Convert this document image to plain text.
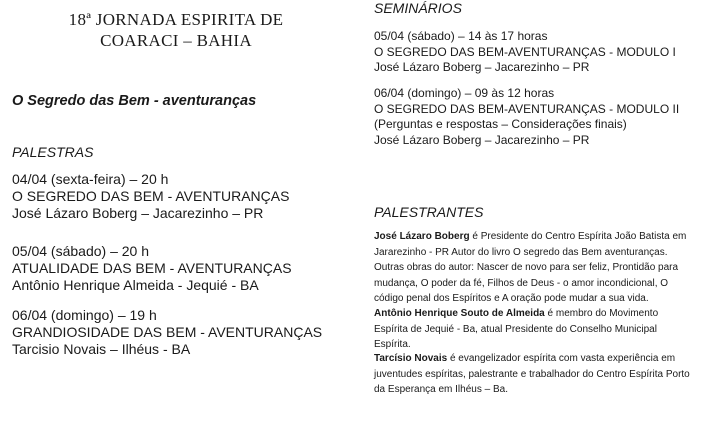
18ª JORNADA ESPIRITA DE
COARACI – BAHIA
O Segredo das Bem - aventuranças
PALESTRAS
04/04 (sexta-feira) – 20 h
O SEGREDO DAS BEM - AVENTURANÇAS
José Lázaro Boberg – Jacarezinho – PR
05/04 (sábado) – 20 h
ATUALIDADE DAS BEM - AVENTURANÇAS
Antônio Henrique Almeida - Jequié - BA
06/04 (domingo) – 19 h
GRANDIOSIDADE DAS BEM - AVENTURANÇAS
Tarcisio Novais – Ilhéus - BA
SEMINÁRIOS
05/04 (sábado) – 14 às 17 horas
O SEGREDO DAS BEM-AVENTURANÇAS - MODULO I
José Lázaro Boberg – Jacarezinho – PR
06/04 (domingo) – 09 às 12 horas
O SEGREDO DAS BEM-AVENTURANÇAS - MODULO II
(Perguntas e respostas – Considerações finais)
José Lázaro Boberg – Jacarezinho – PR
PALESTRANTES
José Lázaro Boberg é Presidente do Centro Espírita João Batista em Jararezinho - PR Autor do livro O segredo das Bem aventuranças. Outras obras do autor: Nascer de novo para ser feliz, Prontidão para mudança, O poder da fé, Filhos de Deus - o amor incondicional, O código penal dos Espíritos e A oração pode mudar a sua vida.
Antônio Henrique Souto de Almeida é membro do Movimento Espírita de Jequié - Ba, atual Presidente do Conselho Municipal Espírita.
Tarcísio Novais é evangelizador espírita com vasta experiência em juventudes espíritas, palestrante e trabalhador do Centro Espírita Porto da Esperança em Ilhéus – Ba.
